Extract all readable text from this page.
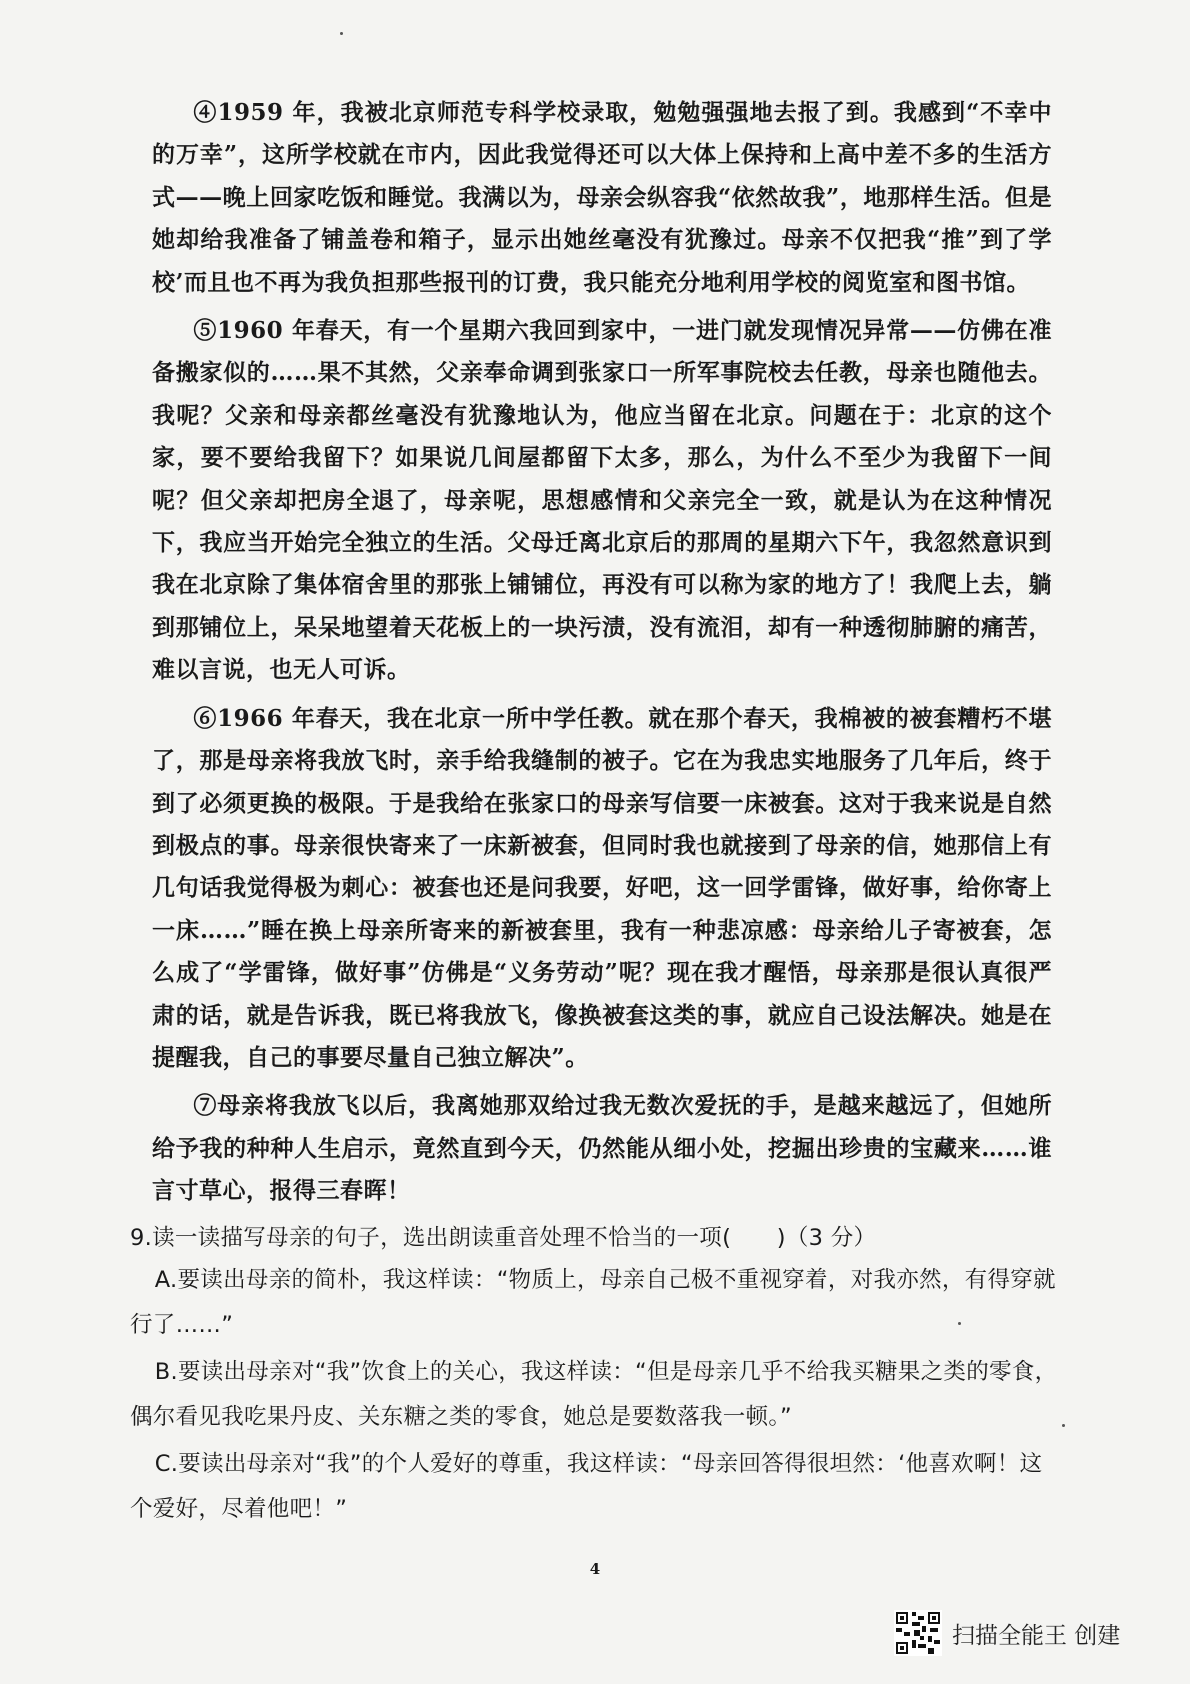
④1959 年，我被北京师范专科学校录取，勉勉强强地去报了到。我感到“不幸中的万幸”，这所学校就在市内，因此我觉得还可以大体上保持和上高中差不多的生活方式——晚上回家吃饭和睡觉。我满以为，母亲会纵容我“依然故我”，地那样生活。但是她却给我准备了铺盖卷和箱子，显示出她丝毫没有犹豫过。母亲不仅把我“推”到了学校’而且也不再为我负担那些报刊的订费，我只能充分地利用学校的阅览室和图书馆。

⑤1960 年春天，有一个星期六我回到家中，一进门就发现情况异常——仿佛在准备搬家似的……果不其然，父亲奉命调到张家口一所军事院校去任教，母亲也随他去。我呢？父亲和母亲都丝毫没有犹豫地认为，他应当留在北京。问题在于：北京的这个家，要不要给我留下？如果说几间屋都留下太多，那么，为什么不至少为我留下一间呢？但父亲却把房全退了，母亲呢，思想感情和父亲完全一致，就是认为在这种情况下，我应当开始完全独立的生活。父母迁离北京后的那周的星期六下午，我忽然意识到我在北京除了集体宿舍里的那张上铺铺位，再没有可以称为家的地方了！我爬上去，躺到那铺位上，呆呆地望着天花板上的一块污渍，没有流泪，却有一种透彻肺腑的痛苦，难以言说，也无人可诉。

⑥1966 年春天，我在北京一所中学任教。就在那个春天，我棉被的被套糟朽不堪了，那是母亲将我放飞时，亲手给我缝制的被子。它在为我忠实地服务了几年后，终于到了必须更换的极限。于是我给在张家口的母亲写信要一床被套。这对于我来说是自然到极点的事。母亲很快寄来了一床新被套，但同时我也就接到了母亲的信，她那信上有几句话我觉得极为刺心：被套也还是问我要，好吧，这一回学雷锋，做好事，给你寄上一床……”睡在换上母亲所寄来的新被套里，我有一种悲凉感：母亲给儿子寄被套，怎么成了“学雷锋，做好事”仿佛是“义务劳动”呢？现在我才醒悟，母亲那是很认真很严肃的话，就是告诉我，既已将我放飞，像换被套这类的事，就应自己设法解决。她是在提醒我，自己的事要尽量自己独立解决”。

⑦母亲将我放飞以后，我离她那双给过我无数次爱抚的手，是越来越远了，但她所给予我的种种人生启示，竟然直到今天，仍然能从细小处，挖掘出珍贵的宝藏来……谁言寸草心，报得三春晖！

9.读一读描写母亲的句子，选出朗读重音处理不恰当的一项(　　)（3 分）

A.要读出母亲的简朴，我这样读：“物质上，母亲自己极不重视穿着，对我亦然，有得穿就行了……”

B.要读出母亲对“我”饮食上的关心，我这样读：“但是母亲几乎不给我买糖果之类的零食，偶尔看见我吃果丹皮、关东糖之类的零食，她总是要数落我一顿。”

C.要读出母亲对“我”的个人爱好的尊重，我这样读：“母亲回答得很坦然：‘他喜欢啊！这个爱好，尽着他吧！”

4
扫描全能王 创建
